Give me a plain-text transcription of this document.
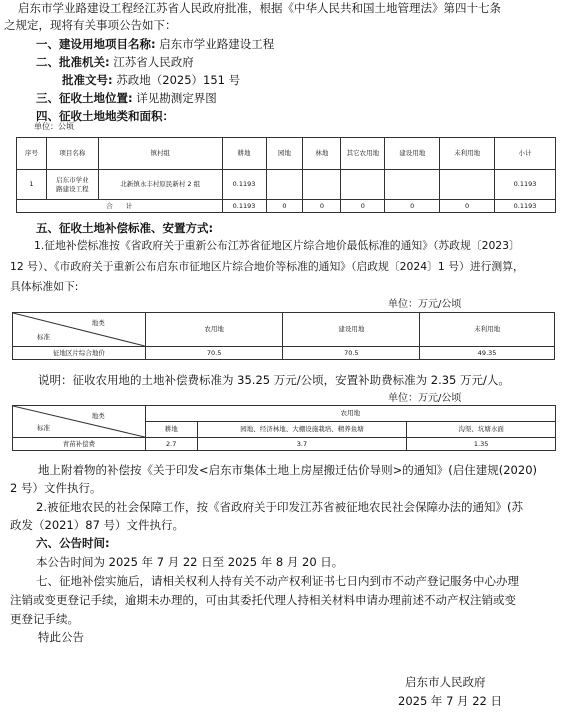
启东市学业路建设工程经江苏省人民政府批准，根据《中华人民共和国土地管理法》第四十七条
之规定，现将有关事项公告如下：
一、建设用地项目名称: 启东市学业路建设工程
二、批准机关: 江苏省人民政府
批准文号: 苏政地（2025）151 号
三、征收土地位置: 详见勘测定界图
四、征收土地地类和面积：
单位：公顷
序号	项目名称	镇村组	耕地	园地	林地	其它农用地	建设用地	未利用地	小计
1	启东市学业路建设工程	北新镇永丰村原民新村 2 组	0.1193						0.1193
合　　计			0.1193	0	0	0	0	0	0.1193
五、征收土地补偿标准、安置方式:
1.征地补偿标准按《省政府关于重新公布江苏省征地区片综合地价最低标准的通知》（苏政规〔2023〕
12 号）、《市政府关于重新公布启东市征地区片综合地价等标准的通知》（启政规〔2024〕1 号）进行测算，
具体标准如下:
单位：万元/公顷
地类
标准	农用地	建设用地	未利用地
征地区片综合地价	70.5	70.5	49.35
说明：征收农用地的土地补偿费标准为 35.25 万元/公顷，安置补助费标准为 2.35 万元/人。
单位：万元/公顷
地类
标准	农用地		
	耕地	园地、经济林地、大棚设施栽培、精养鱼塘	沟渠、坑塘水面
青苗补偿费	2.7	3.7	1.35
地上附着物的补偿按《关于印发<启东市集体土地上房屋搬迁估价导则>的通知》(启住建规(2020)
2 号）文件执行。
2.被征地农民的社会保障工作，按《省政府关于印发江苏省被征地农民社会保障办法的通知》(苏
政发（2021）87 号）文件执行。
六、公告时间:
本公告时间为 2025 年 7 月 22 日至 2025 年 8 月 20 日。
七、征地补偿实施后，请相关权利人持有关不动产权利证书七日内到市不动产登记服务中心办理
注销或变更登记手续，逾期未办理的，可由其委托代理人持相关材料申请办理前述不动产权注销或变
更登记手续。
特此公告
启东市人民政府
2025 年 7 月 22 日
